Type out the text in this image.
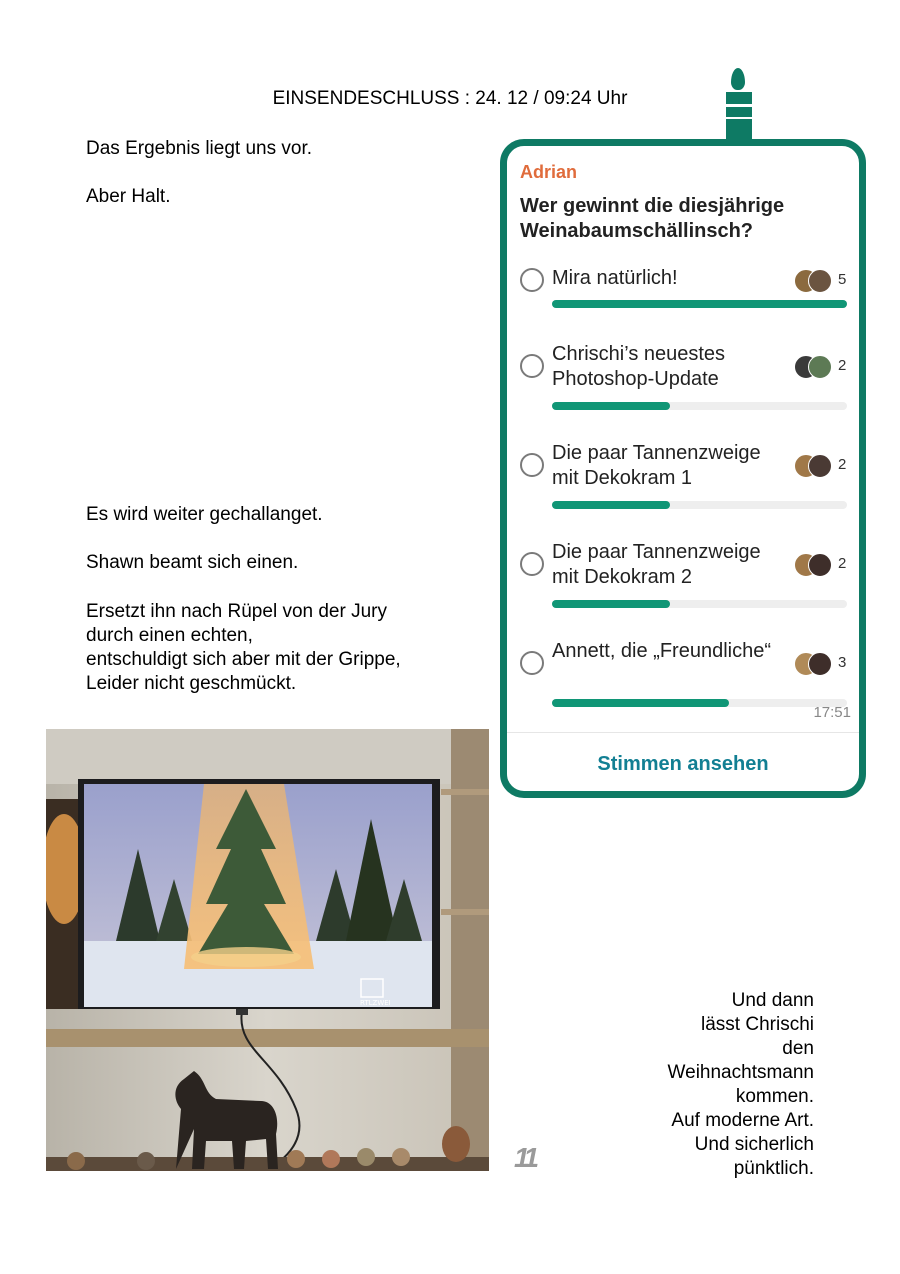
EINSENDESCHLUSS : 24. 12 / 09:24 Uhr
Das Ergebnis liegt uns vor.
Aber Halt.
Es wird weiter gechallanget.
Shawn beamt sich einen.
Ersetzt ihn nach Rüpel von der Jury
durch einen echten,
entschuldigt sich aber mit der Grippe,
Leider nicht geschmückt.
Adrian
Wer gewinnt die diesjährige Weinabaumschällinsch?
Mira natürlich!	5
Chrischi’s neuestes Photoshop-Update
2
Die paar Tannenzweige mit Dekokram 1
2
Die paar Tannenzweige mit Dekokram 2
2
Annett, die „Freundliche“
3
17:51
Stimmen ansehen
RTLZWEI
11
Und dann
lässt Chrischi
den
Weihnachtsmann
kommen.
Auf moderne Art.
Und sicherlich
pünktlich.
